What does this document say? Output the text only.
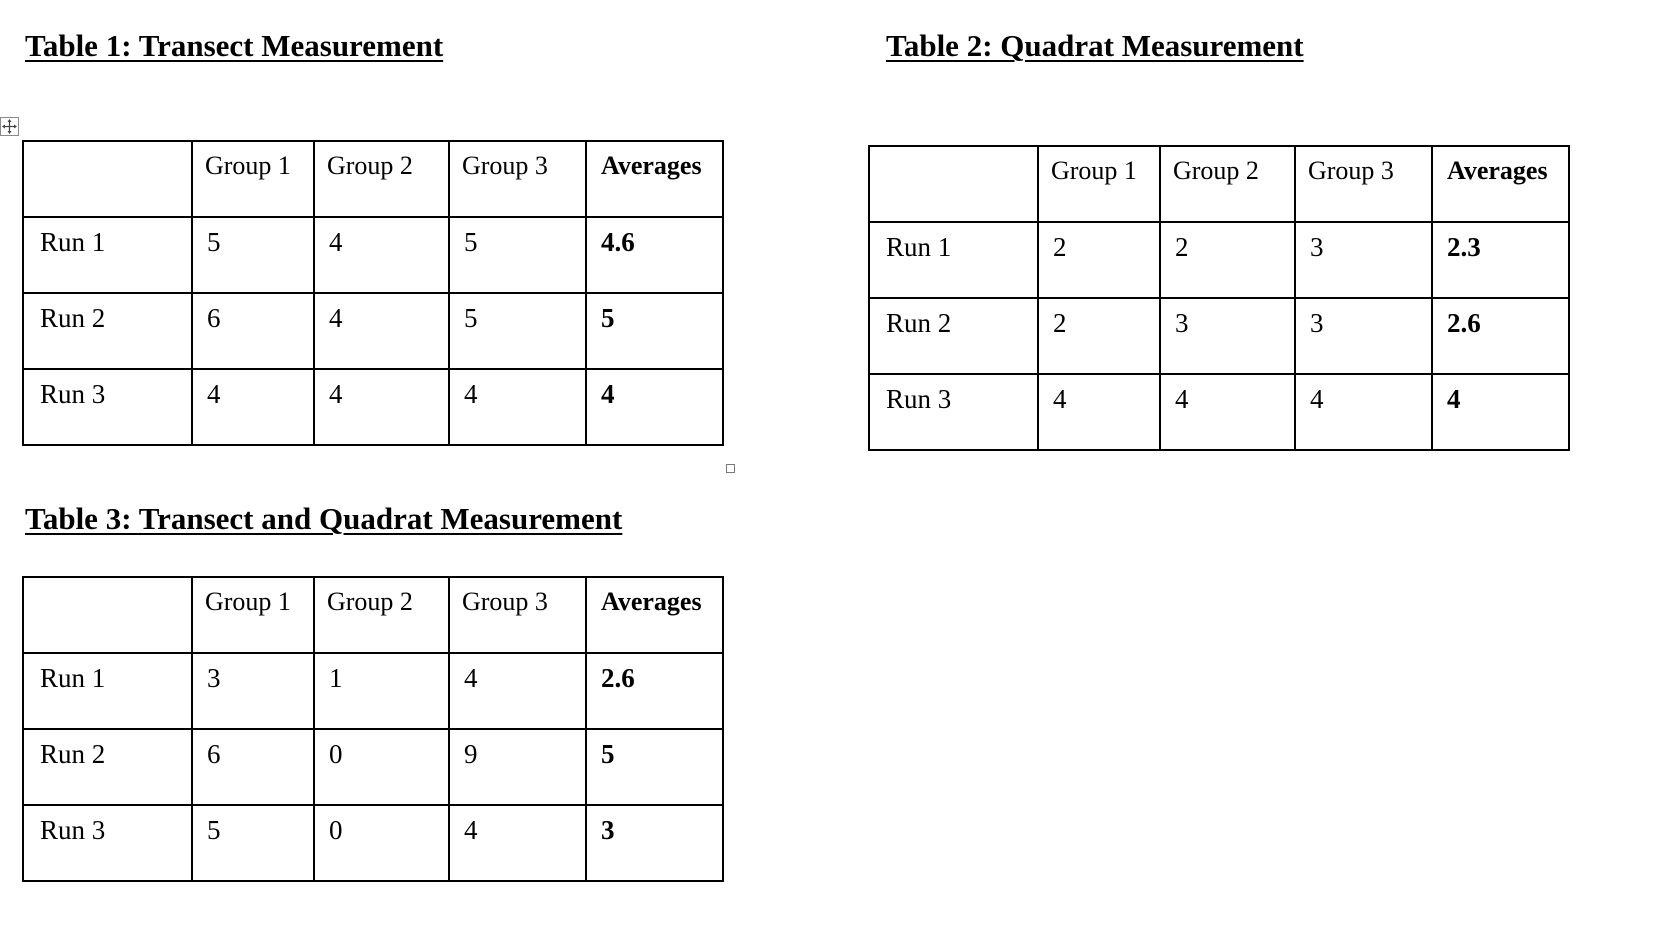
Table 1: Transect Measurement
	Group 1	Group 2	Group 3	Averages
Run 1	5	4	5	4.6
Run 2	6	4	5	5
Run 3	4	4	4	4
Table 2: Quadrat Measurement
	Group 1	Group 2	Group 3	Averages
Run 1	2	2	3	2.3
Run 2	2	3	3	2.6
Run 3	4	4	4	4
Table 3: Transect and Quadrat Measurement
	Group 1	Group 2	Group 3	Averages
Run 1	3	1	4	2.6
Run 2	6	0	9	5
Run 3	5	0	4	3
